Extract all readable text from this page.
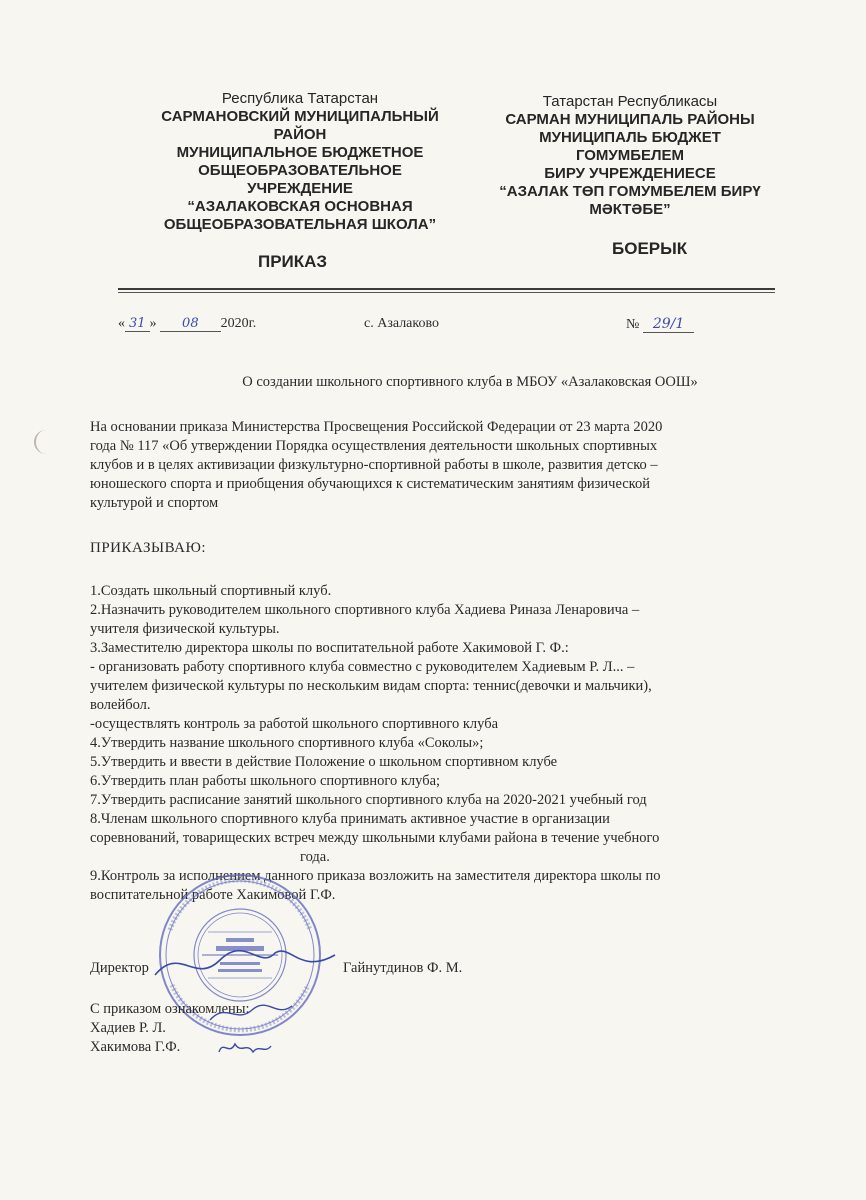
Республика Татарстан
САРМАНОВСКИЙ МУНИЦИПАЛЬНЫЙ
РАЙОН
МУНИЦИПАЛЬНОЕ БЮДЖЕТНОЕ
ОБЩЕОБРАЗОВАТЕЛЬНОЕ
УЧРЕЖДЕНИЕ
“АЗАЛАКОВСКАЯ ОСНОВНАЯ
ОБЩЕОБРАЗОВАТЕЛЬНАЯ ШКОЛА”
ПРИКАЗ
Татарстан Республикасы
САРМАН МУНИЦИПАЛЬ РАЙОНЫ
МУНИЦИПАЛЬ БЮДЖЕТ ГОМУМБЕЛЕМ
БИРУ УЧРЕЖДЕНИЕСЕ
“АЗАЛАК ТӨП ГОМУМБЕЛЕМ БИРҮ
МӘКТӘБЕ”
БОЕРЫК
« 31 » 08 2020г.	с. Азалаково	№ 29/1
О создании школьного спортивного клуба в МБОУ «Азалаковская ООШ»
На основании приказа Министерства Просвещения Российской Федерации от 23 марта 2020
года № 117 «Об утверждении Порядка осуществления деятельности школьных спортивных
клубов и в целях активизации физкультурно-спортивной работы в школе, развития детско –
юношеского спорта и приобщения обучающихся к систематическим занятиям физической
культурой и спортом
ПРИКАЗЫВАЮ:
1.Создать школьный спортивный клуб.
2.Назначить руководителем школьного спортивного клуба Хадиева Риназа Ленаровича –
учителя физической культуры.
3.Заместителю директора школы по воспитательной работе Хакимовой Г. Ф.:
- организовать работу спортивного клуба совместно с руководителем Хадиевым Р. Л... –
учителем физической культуры по нескольким видам спорта: теннис(девочки и мальчики),
волейбол.
-осуществлять контроль за работой школьного спортивного клуба
4.Утвердить название школьного спортивного клуба «Соколы»;
5.Утвердить и ввести в действие Положение о школьном спортивном клубе
6.Утвердить план работы школьного спортивного клуба;
7.Утвердить расписание занятий школьного спортивного клуба на 2020-2021 учебный год
8.Членам школьного спортивного клуба принимать активное участие в организации
соревнований, товарищеских встреч между школьными клубами района в течение учебного
года.
9.Контроль за исполнением данного приказа возложить на заместителя директора школы по
воспитательной работе Хакимовой Г.Ф.
Директор	Гайнутдинов Ф. М.
С приказом ознакомлены:
Хадиев Р. Л.
Хакимова Г.Ф.
